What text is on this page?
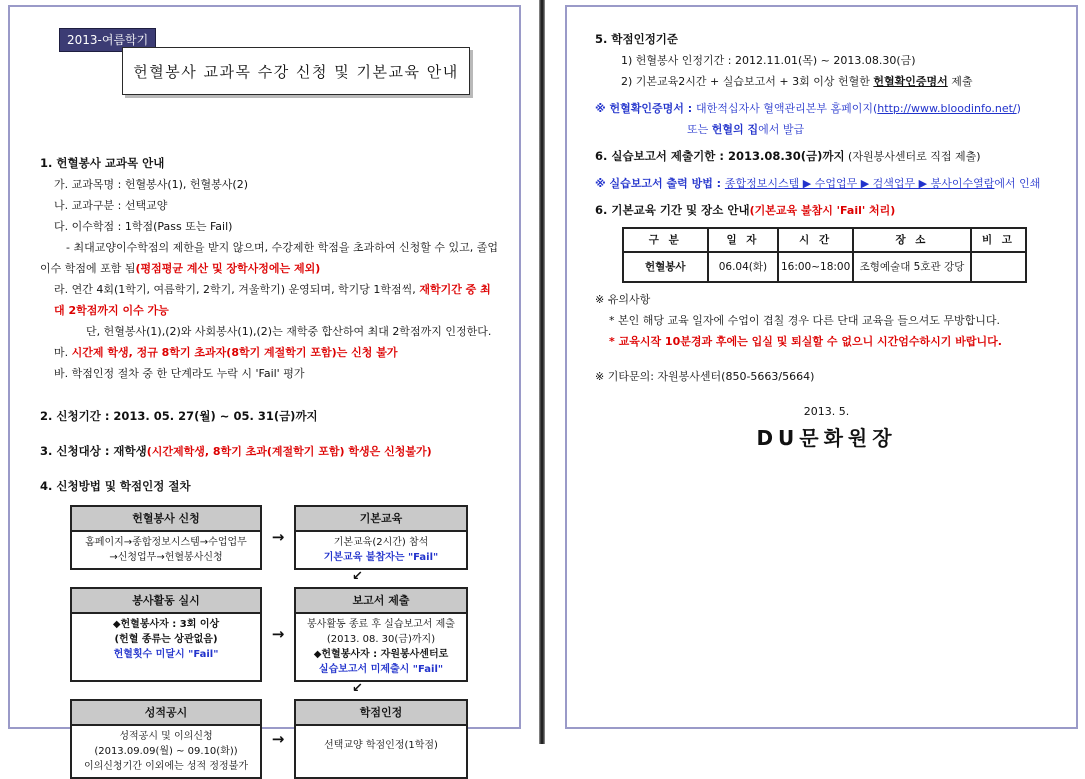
2013-여름학기
헌혈봉사 교과목 수강 신청 및 기본교육 안내
1. 헌혈봉사 교과목 안내
가. 교과목명 : 헌혈봉사(1), 헌혈봉사(2)
나. 교과구분 : 선택교양
다. 이수학점 : 1학점(Pass 또는 Fail)
- 최대교양이수학점의 제한을 받지 않으며, 수강제한 학점을 초과하여 신청할 수 있고, 졸업이수 학점에 포함 됨(평점평균 계산 및 장학사정에는 제외)
라. 연간 4회(1학기, 여름학기, 2학기, 겨울학기) 운영되며, 학기당 1학점씩, 재학기간 중 최대 2학점까지 이수 가능
단, 헌혈봉사(1),(2)와 사회봉사(1),(2)는 재학중 합산하여 최대 2학점까지 인정한다.
마. 시간제 학생, 정규 8학기 초과자(8학기 계절학기 포함)는 신청 불가
바. 학점인정 절차 중 한 단계라도 누락 시 'Fail' 평가
2. 신청기간 : 2013. 05. 27(월) ~ 05. 31(금)까지
3. 신청대상 : 재학생(시간제학생, 8학기 초과(계절학기 포함) 학생은 신청불가)
4. 신청방법 및 학점인정 절차
헌혈봉사 신청
홈페이지→종합정보시스템→수업업무
→신청업무→헌혈봉사신청
→
기본교육
기본교육(2시간) 참석
기본교육 불참자는 "Fail"
↙
봉사활동 실시
◆헌혈봉사자 : 3회 이상
(헌혈 종류는 상관없음)
헌혈횟수 미달시 "Fail"
→
보고서 제출
봉사활동 종료 후 실습보고서 제출
(2013. 08. 30(금)까지)
◆헌혈봉사자 : 자원봉사센터로
실습보고서 미제출시 "Fail"
↙
성적공시
성적공시 및 이의신청
(2013.09.09(월) ~ 09.10(화))
이의신청기간 이외에는 성적 정정불가
→
학점인정
선택교양 학점인정(1학점)
5. 학점인정기준
1) 헌혈봉사 인정기간 : 2012.11.01(목) ~ 2013.08.30(금)
2) 기본교육2시간 + 실습보고서 + 3회 이상 헌혈한 헌혈확인증명서 제출
※ 헌혈확인증명서 : 대한적십자사 혈액관리본부 홈페이지(http://www.bloodinfo.net/)
또는 헌혈의 집에서 발급
6. 실습보고서 제출기한 : 2013.08.30(금)까지 (자원봉사센터로 직접 제출)
※ 실습보고서 출력 방법 : 종합정보시스템 ▶ 수업업무 ▶ 검색업무 ▶ 봉사이수열람에서 인쇄
6. 기본교육 기간 및 장소 안내(기본교육 불참시 'Fail' 처리)
구 분	일 자	시 간	장 소	비 고
헌혈봉사	06.04(화)	16:00~18:00	조형예술대 5호관 강당	
※ 유의사항
* 본인 해당 교육 일자에 수업이 겹칠 경우 다른 단대 교육을 들으셔도 무방합니다.
* 교육시작 10분경과 후에는 입실 및 퇴실할 수 없으니 시간엄수하시기 바랍니다.
※ 기타문의: 자원봉사센터(850-5663/5664)
2013. 5.
DU문화원장
